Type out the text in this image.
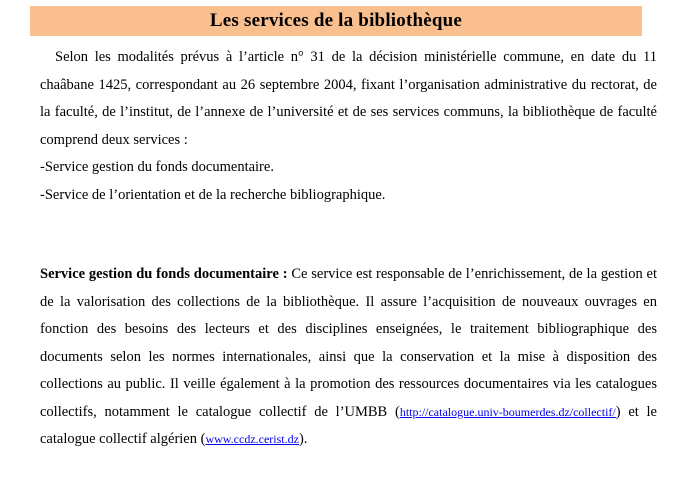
Les services de la bibliothèque

Selon les modalités prévus à l’article n° 31 de la décision ministérielle commune, en date du 11 chaâbane 1425, correspondant au 26 septembre 2004, fixant l’organisation administrative du rectorat, de la faculté, de l’institut, de l’annexe de l’université et de ses services communs, la bibliothèque de faculté comprend deux services :

-Service gestion du fonds documentaire.
-Service de l’orientation et de la recherche bibliographique.

Service gestion du fonds documentaire : Ce service est responsable de l’enrichissement, de la gestion et de la valorisation des collections de la bibliothèque. Il assure l’acquisition de nouveaux ouvrages en fonction des besoins des lecteurs et des disciplines enseignées, le traitement bibliographique des documents selon les normes internationales, ainsi que la conservation et la mise à disposition des collections au public. Il veille également à la promotion des ressources documentaires via les catalogues collectifs, notamment le catalogue collectif de l’UMBB (http://catalogue.univ-boumerdes.dz/collectif/) et le catalogue collectif algérien (www.ccdz.cerist.dz).
